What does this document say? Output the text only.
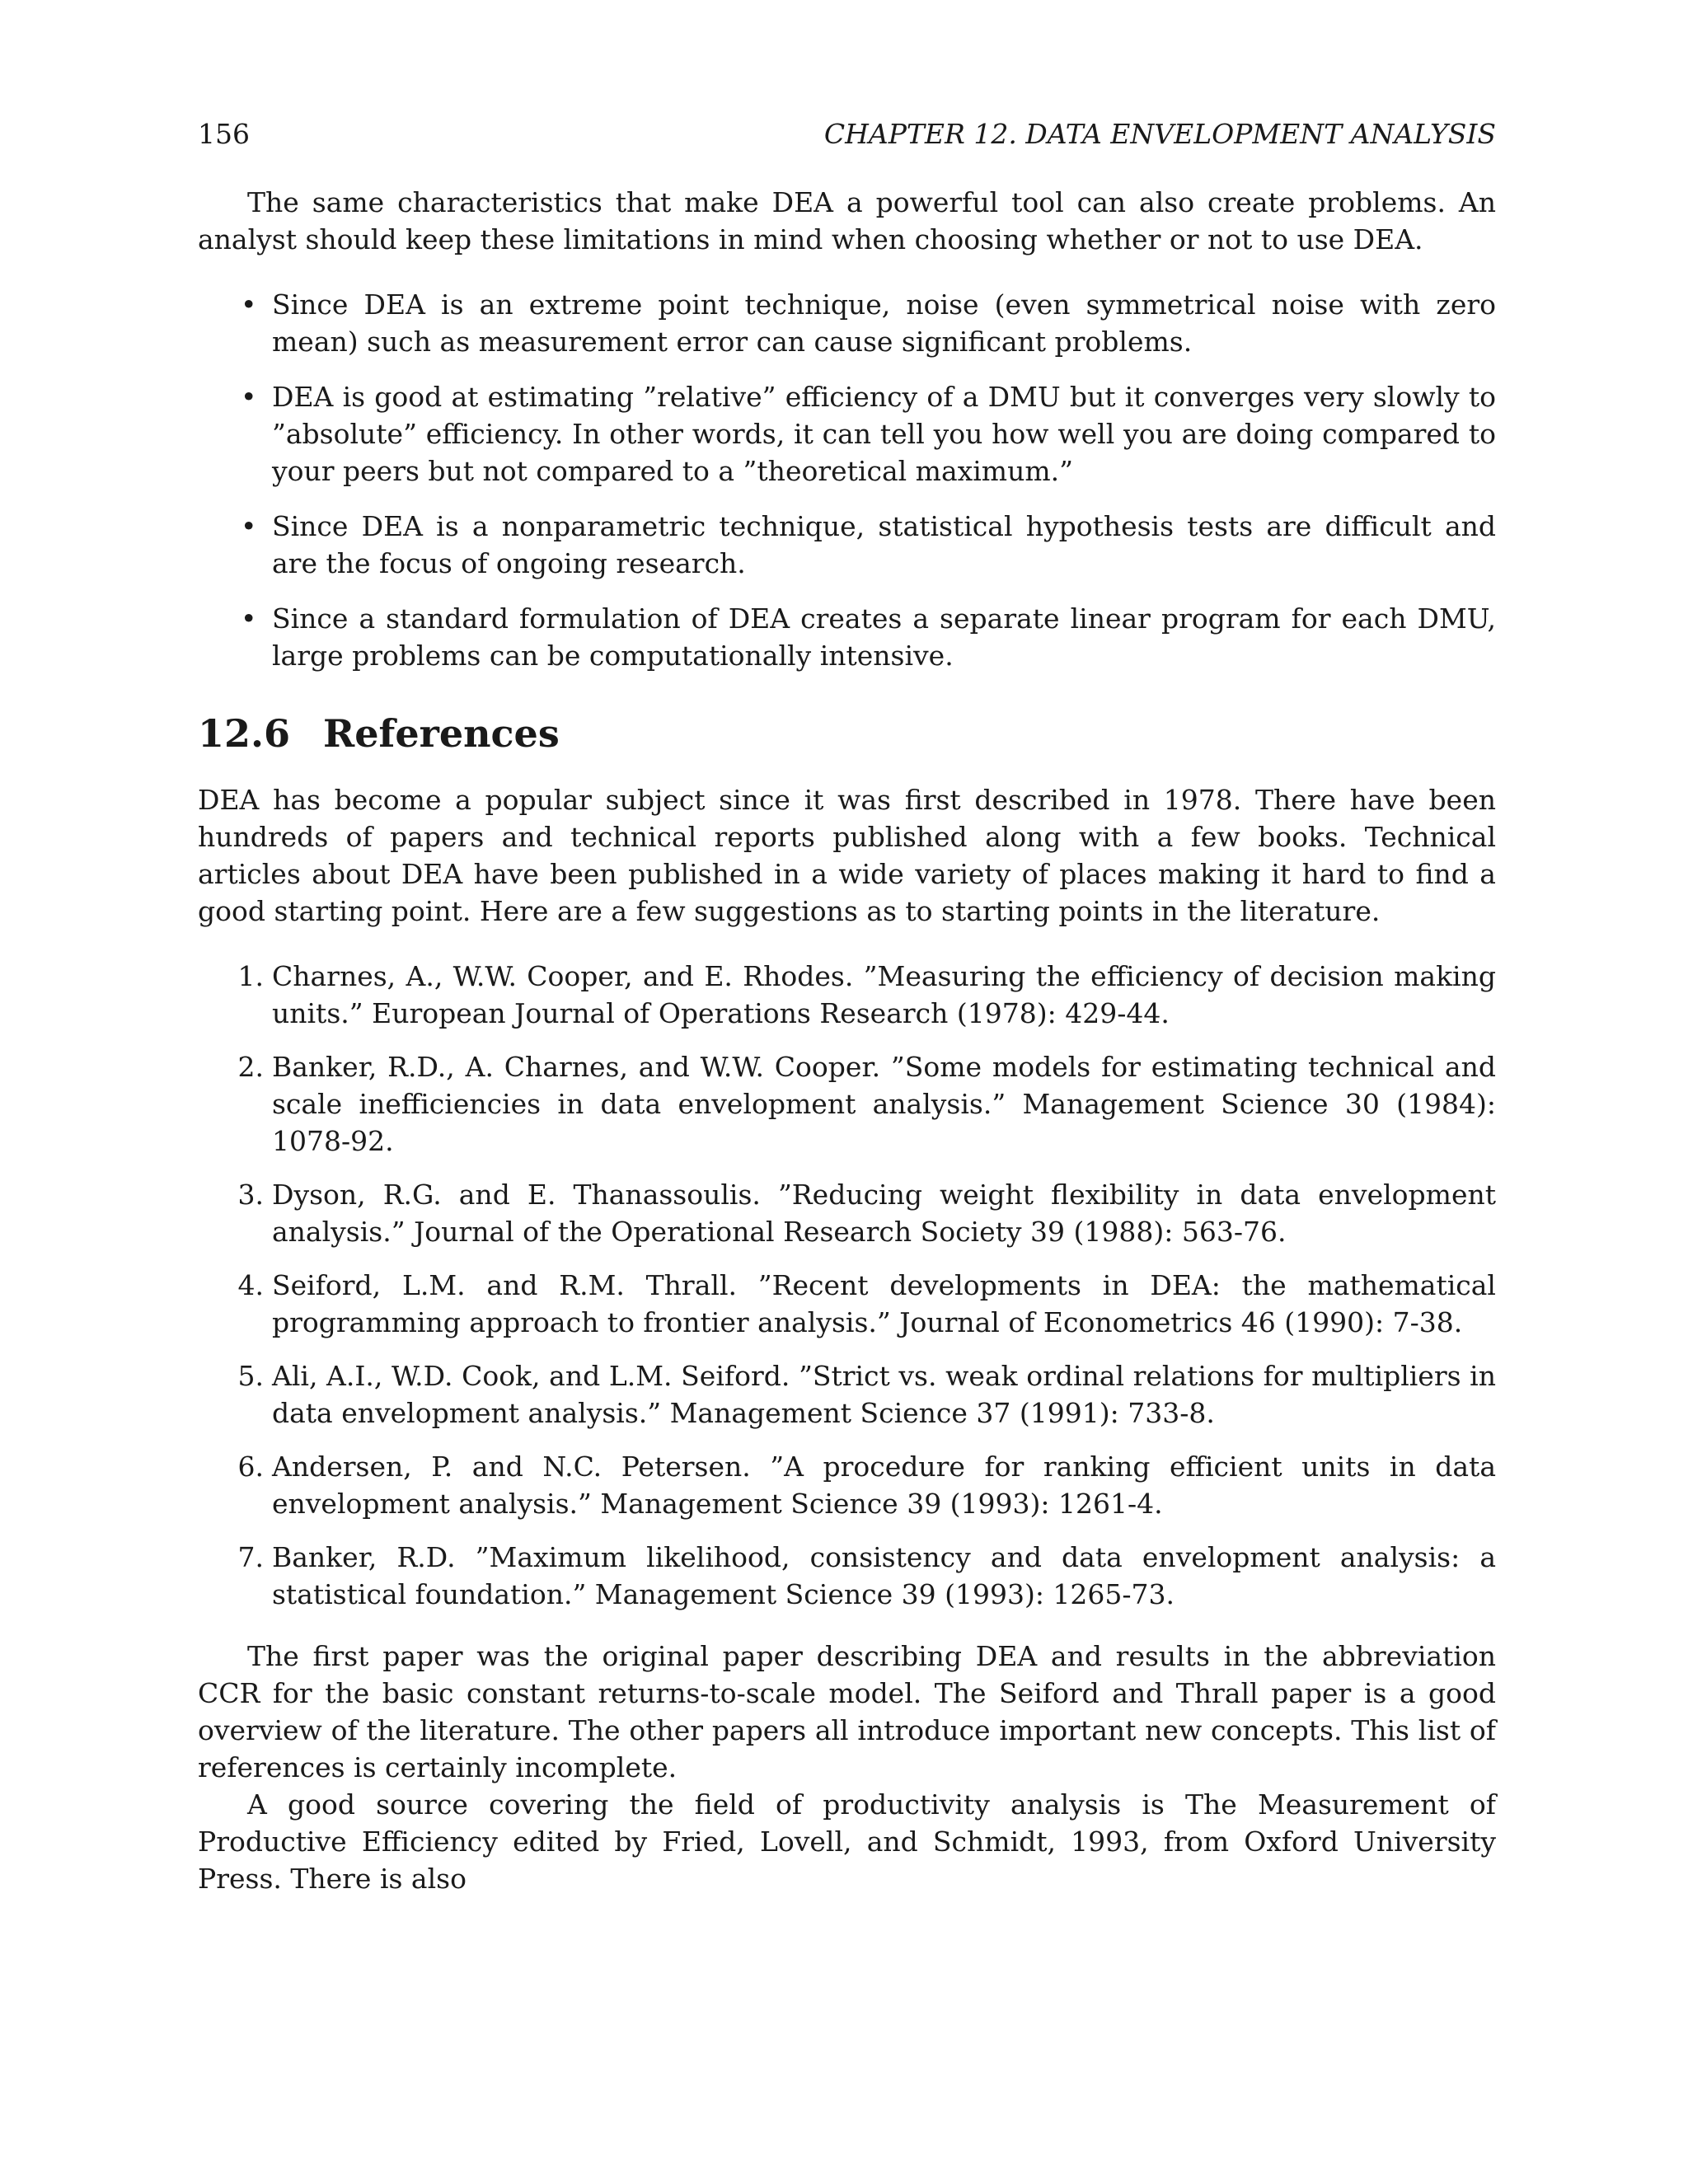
156	CHAPTER 12. DATA ENVELOPMENT ANALYSIS

The same characteristics that make DEA a powerful tool can also create problems. An analyst should keep these limitations in mind when choosing whether or not to use DEA.

• Since DEA is an extreme point technique, noise (even symmetrical noise with zero mean) such as measurement error can cause significant problems.
• DEA is good at estimating ”relative” efficiency of a DMU but it converges very slowly to ”absolute” efficiency. In other words, it can tell you how well you are doing compared to your peers but not compared to a ”theoretical maximum.”
• Since DEA is a nonparametric technique, statistical hypothesis tests are difficult and are the focus of ongoing research.
• Since a standard formulation of DEA creates a separate linear program for each DMU, large problems can be computationally intensive.
12.6 References

DEA has become a popular subject since it was first described in 1978. There have been hundreds of papers and technical reports published along with a few books. Technical articles about DEA have been published in a wide variety of places making it hard to find a good starting point. Here are a few suggestions as to starting points in the literature.

1. Charnes, A., W.W. Cooper, and E. Rhodes. ”Measuring the efficiency of decision making units.” European Journal of Operations Research (1978): 429-44.
2. Banker, R.D., A. Charnes, and W.W. Cooper. ”Some models for estimating technical and scale inefficiencies in data envelopment analysis.” Management Science 30 (1984): 1078-92.
3. Dyson, R.G. and E. Thanassoulis. ”Reducing weight flexibility in data envelopment analysis.” Journal of the Operational Research Society 39 (1988): 563-76.
4. Seiford, L.M. and R.M. Thrall. ”Recent developments in DEA: the mathematical programming approach to frontier analysis.” Journal of Econometrics 46 (1990): 7-38.
5. Ali, A.I., W.D. Cook, and L.M. Seiford. ”Strict vs. weak ordinal relations for multipliers in data envelopment analysis.” Management Science 37 (1991): 733-8.
6. Andersen, P. and N.C. Petersen. ”A procedure for ranking efficient units in data envelopment analysis.” Management Science 39 (1993): 1261-4.
7. Banker, R.D. ”Maximum likelihood, consistency and data envelopment analysis: a statistical foundation.” Management Science 39 (1993): 1265-73.

The first paper was the original paper describing DEA and results in the abbreviation CCR for the basic constant returns-to-scale model. The Seiford and Thrall paper is a good overview of the literature. The other papers all introduce important new concepts. This list of references is certainly incomplete.

A good source covering the field of productivity analysis is The Measurement of Productive Efficiency edited by Fried, Lovell, and Schmidt, 1993, from Oxford University Press. There is also
